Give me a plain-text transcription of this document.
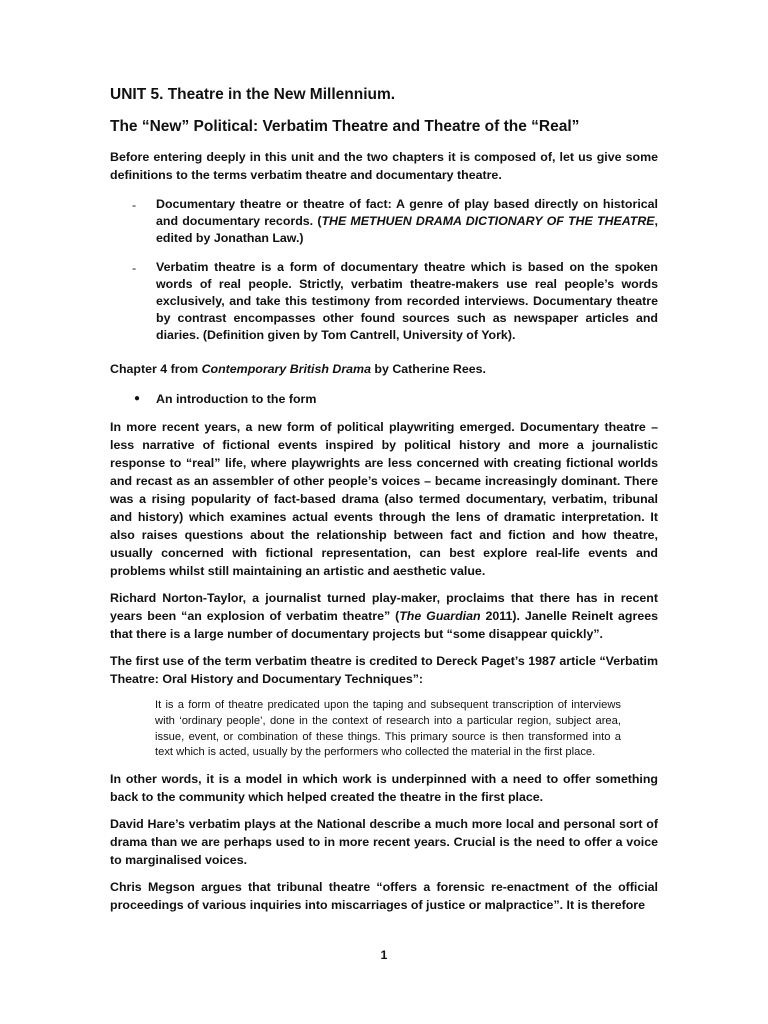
UNIT 5. Theatre in the New Millennium.
The “New” Political: Verbatim Theatre and Theatre of the “Real”

Before entering deeply in this unit and the two chapters it is composed of, let us give some definitions to the terms verbatim theatre and documentary theatre.

- Documentary theatre or theatre of fact: A genre of play based directly on historical and documentary records. (THE METHUEN DRAMA DICTIONARY OF THE THEATRE, edited by Jonathan Law.)

- Verbatim theatre is a form of documentary theatre which is based on the spoken words of real people. Strictly, verbatim theatre-makers use real people’s words exclusively, and take this testimony from recorded interviews. Documentary theatre by contrast encompasses other found sources such as newspaper articles and diaries. (Definition given by Tom Cantrell, University of York).

Chapter 4 from Contemporary British Drama by Catherine Rees.

● An introduction to the form

In more recent years, a new form of political playwriting emerged. Documentary theatre – less narrative of fictional events inspired by political history and more a journalistic response to “real” life, where playwrights are less concerned with creating fictional worlds and recast as an assembler of other people’s voices – became increasingly dominant. There was a rising popularity of fact-based drama (also termed documentary, verbatim, tribunal and history) which examines actual events through the lens of dramatic interpretation. It also raises questions about the relationship between fact and fiction and how theatre, usually concerned with fictional representation, can best explore real-life events and problems whilst still maintaining an artistic and aesthetic value.

Richard Norton-Taylor, a journalist turned play-maker, proclaims that there has in recent years been “an explosion of verbatim theatre” (The Guardian 2011). Janelle Reinelt agrees that there is a large number of documentary projects but “some disappear quickly”.

The first use of the term verbatim theatre is credited to Dereck Paget’s 1987 article “Verbatim Theatre: Oral History and Documentary Techniques”:

It is a form of theatre predicated upon the taping and subsequent transcription of interviews with ‘ordinary people’, done in the context of research into a particular region, subject area, issue, event, or combination of these things. This primary source is then transformed into a text which is acted, usually by the performers who collected the material in the first place.

In other words, it is a model in which work is underpinned with a need to offer something back to the community which helped created the theatre in the first place.

David Hare’s verbatim plays at the National describe a much more local and personal sort of drama than we are perhaps used to in more recent years. Crucial is the need to offer a voice to marginalised voices.

Chris Megson argues that tribunal theatre “offers a forensic re-enactment of the official proceedings of various inquiries into miscarriages of justice or malpractice”. It is therefore

1
